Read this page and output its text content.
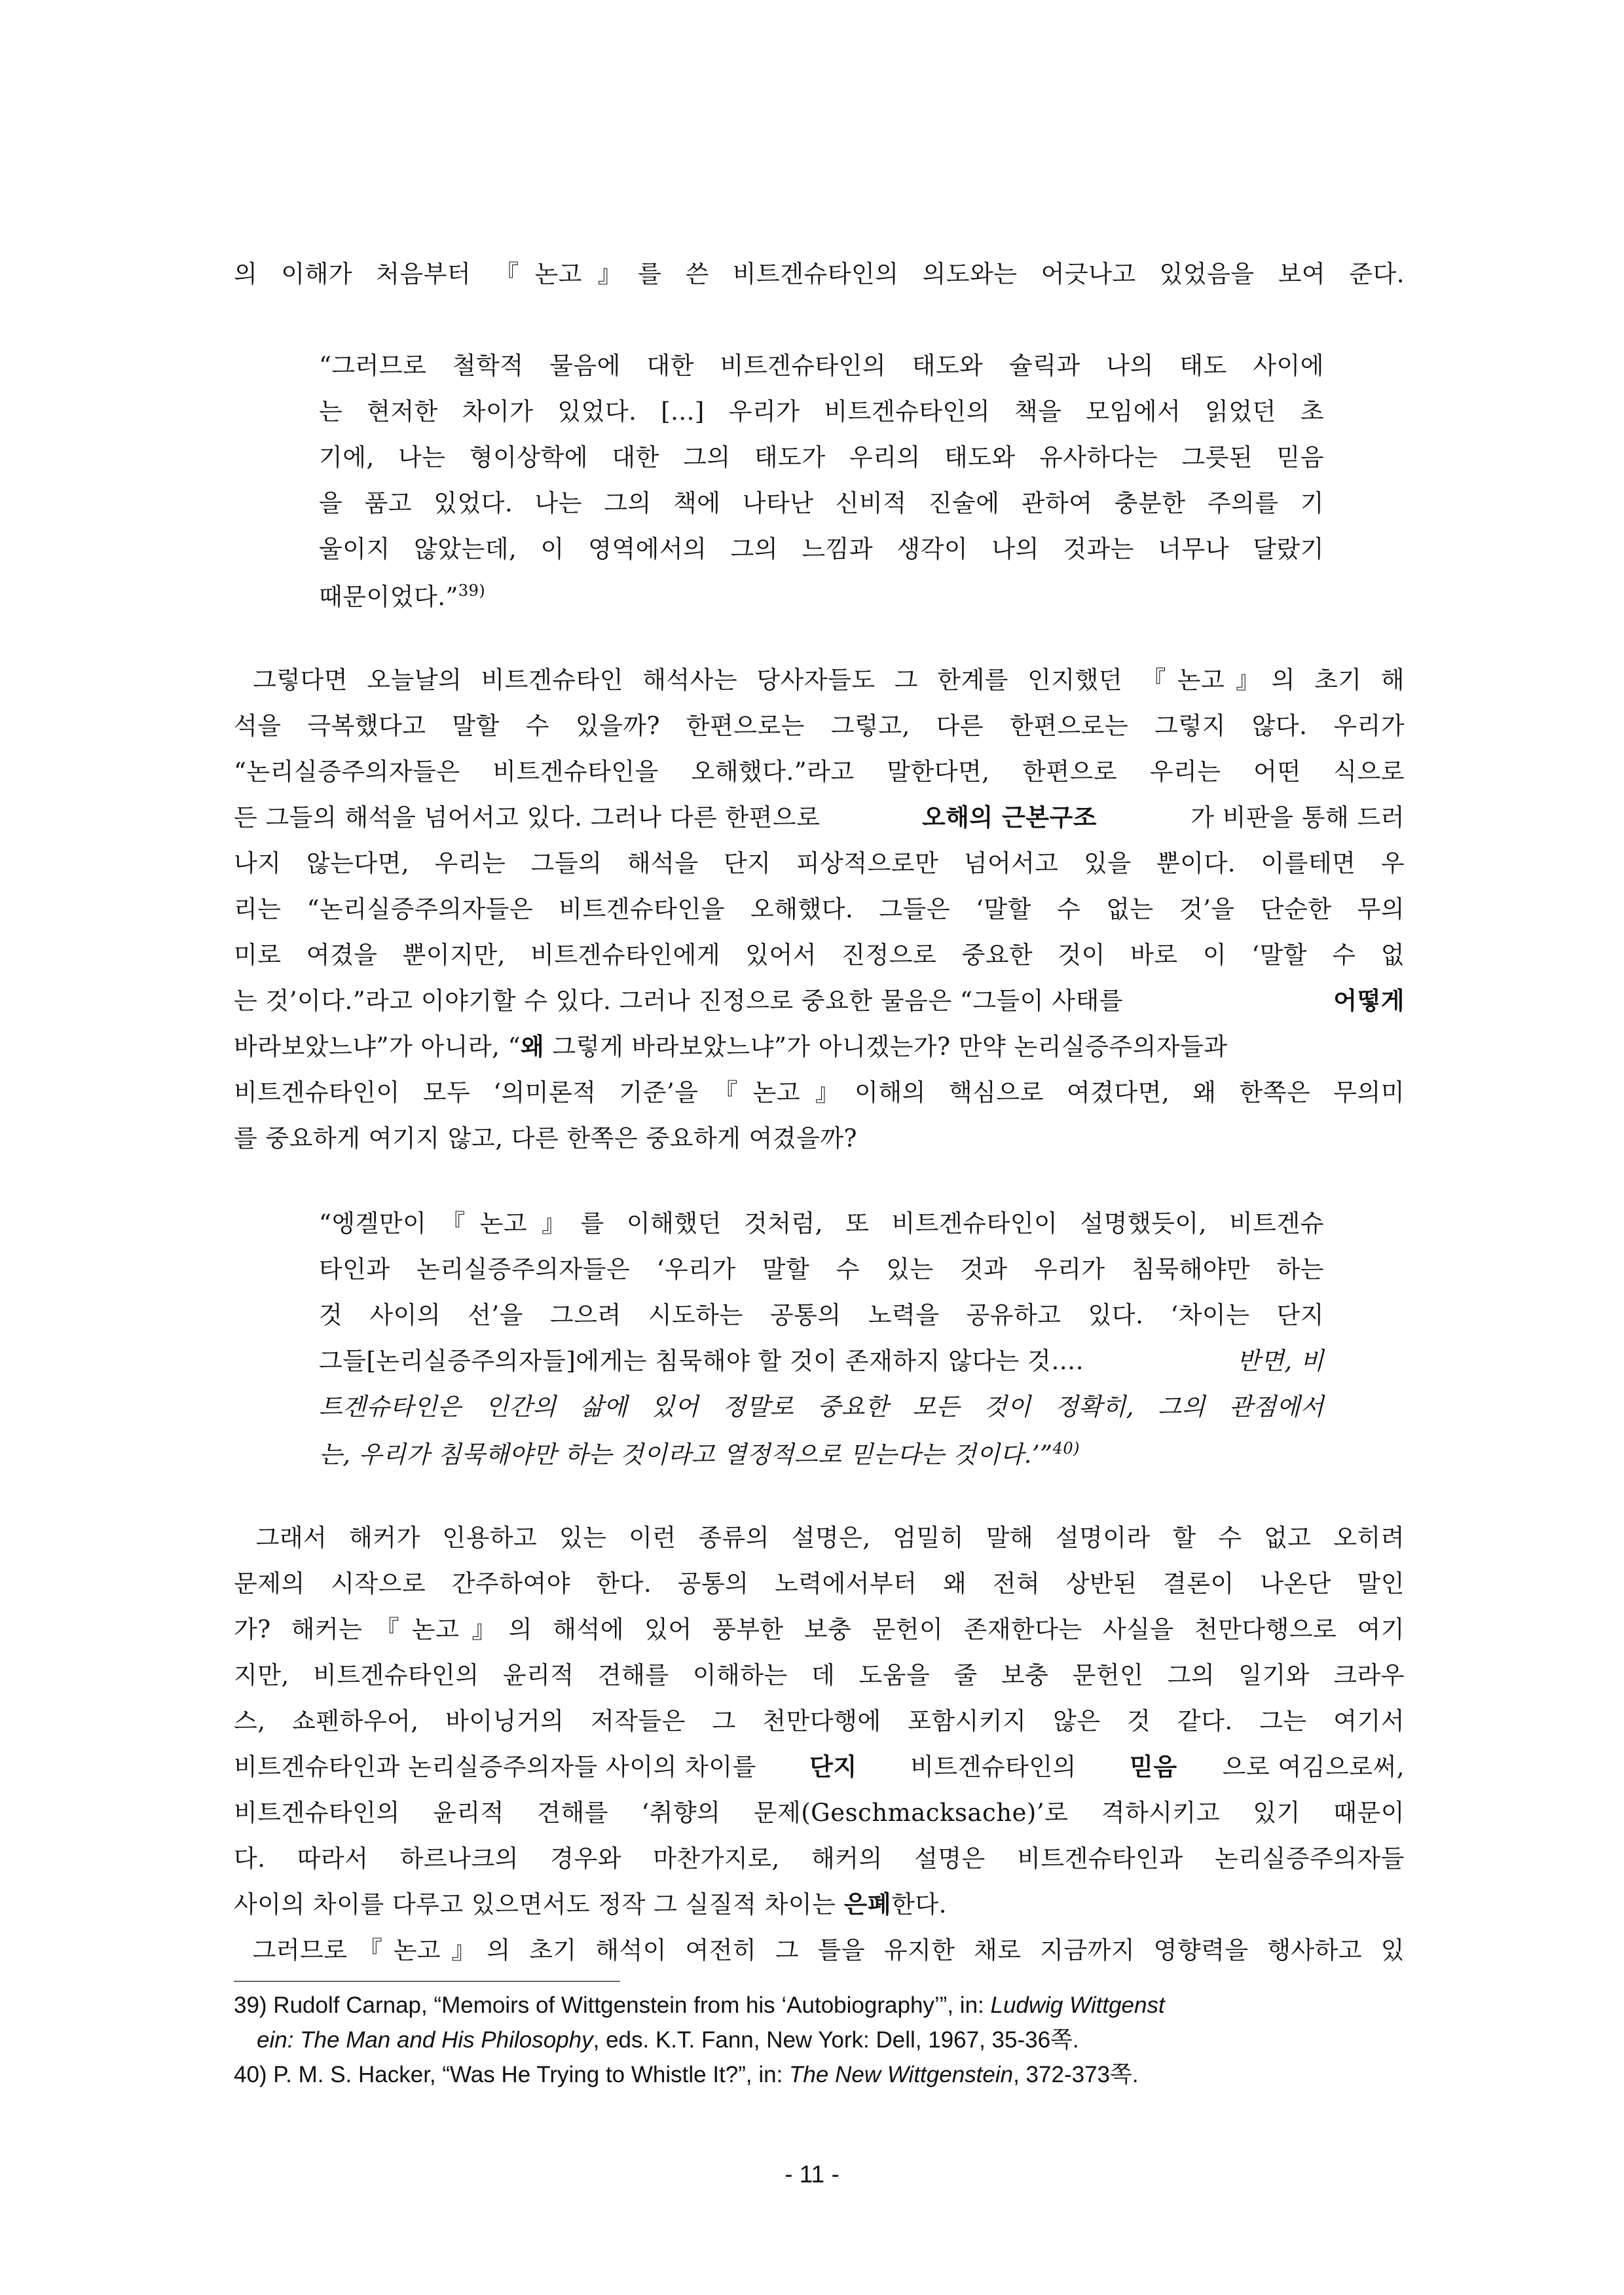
의 이해가 처음부터 『논고』를 쓴 비트겐슈타인의 의도와는 어긋나고 있었음을 보여 준다.
“그러므로 철학적 물음에 대한 비트겐슈타인의 태도와 슐릭과 나의 태도 사이에
는 현저한 차이가 있었다. [...] 우리가 비트겐슈타인의 책을 모임에서 읽었던 초
기에, 나는 형이상학에 대한 그의 태도가 우리의 태도와 유사하다는 그릇된 믿음
을 품고 있었다. 나는 그의 책에 나타난 신비적 진술에 관하여 충분한 주의를 기
울이지 않았는데, 이 영역에서의 그의 느낌과 생각이 나의 것과는 너무나 달랐기
때문이었다.”$^{39)}$
그렇다면 오늘날의 비트겐슈타인 해석사는 당사자들도 그 한계를 인지했던 『논고』의 초기 해
석을 극복했다고 말할 수 있을까? 한편으로는 그렇고, 다른 한편으로는 그렇지 않다. 우리가
“논리실증주의자들은 비트겐슈타인을 오해했다.”라고 말한다면, 한편으로 우리는 어떤 식으로
든 그들의 해석을 넘어서고 있다. 그러나 다른 한편으로	오해의 근본구조	가 비판을 통해 드러
나지 않는다면, 우리는 그들의 해석을 단지 피상적으로만 넘어서고 있을 뿐이다. 이를테면 우
리는 “논리실증주의자들은 비트겐슈타인을 오해했다. 그들은 ‘말할 수 없는 것’을 단순한 무의
미로 여겼을 뿐이지만, 비트겐슈타인에게 있어서 진정으로 중요한 것이 바로 이 ‘말할 수 없
는 것’이다.”라고 이야기할 수 있다. 그러나 진정으로 중요한 물음은 “그들이 사태를	어떻게
바라보았느냐”가 아니라, “왜 그렇게 바라보았느냐”가 아니겠는가? 만약 논리실증주의자들과
비트겐슈타인이 모두 ‘의미론적 기준’을『논고』이해의 핵심으로 여겼다면, 왜 한쪽은 무의미
를 중요하게 여기지 않고, 다른 한쪽은 중요하게 여겼을까?
“엥겔만이『논고』를 이해했던 것처럼, 또 비트겐슈타인이 설명했듯이, 비트겐슈
타인과 논리실증주의자들은 ‘우리가 말할 수 있는 것과 우리가 침묵해야만 하는
것 사이의 선’을 그으려 시도하는 공통의 노력을 공유하고 있다. ‘차이는 단지
그들[논리실증주의자들]에게는 침묵해야 할 것이 존재하지 않다는 것….	반면, 비
트겐슈타인은 인간의 삶에 있어 정말로 중요한 모든 것이 정확히, 그의 관점에서
는, 우리가 침묵해야만 하는 것이라고 열정적으로 믿는다는 것이다.’”$^{40)}$
그래서 해커가 인용하고 있는 이런 종류의 설명은, 엄밀히 말해 설명이라 할 수 없고 오히려
문제의 시작으로 간주하여야 한다. 공통의 노력에서부터 왜 전혀 상반된 결론이 나온단 말인
가? 해커는『논고』의 해석에 있어 풍부한 보충 문헌이 존재한다는 사실을 천만다행으로 여기
지만, 비트겐슈타인의 윤리적 견해를 이해하는 데 도움을 줄 보충 문헌인 그의 일기와 크라우
스, 쇼펜하우어, 바이닝거의 저작들은 그 천만다행에 포함시키지 않은 것 같다. 그는 여기서
비트겐슈타인과 논리실증주의자들 사이의 차이를 단지 비트겐슈타인의 믿음 으로 여김으로써,
비트겐슈타인의 윤리적 견해를 ‘취향의 문제(Geschmacksache)’로 격하시키고 있기 때문이
다. 따라서 하르나크의 경우와 마찬가지로, 해커의 설명은 비트겐슈타인과 논리실증주의자들
사이의 차이를 다루고 있으면서도 정작 그 실질적 차이는 은폐한다.
그러므로『논고』의 초기 해석이 여전히 그 틀을 유지한 채로 지금까지 영향력을 행사하고 있
39) Rudolf Carnap, “Memoirs of Wittgenstein from his ‘Autobiography’”, in: Ludwig Wittgenst
ein: The Man and His Philosophy, eds. K.T. Fann, New York: Dell, 1967, 35-36쪽.
40) P. M. S. Hacker, “Was He Trying to Whistle It?”, in: The New Wittgenstein, 372-373쪽.
- 11 -
